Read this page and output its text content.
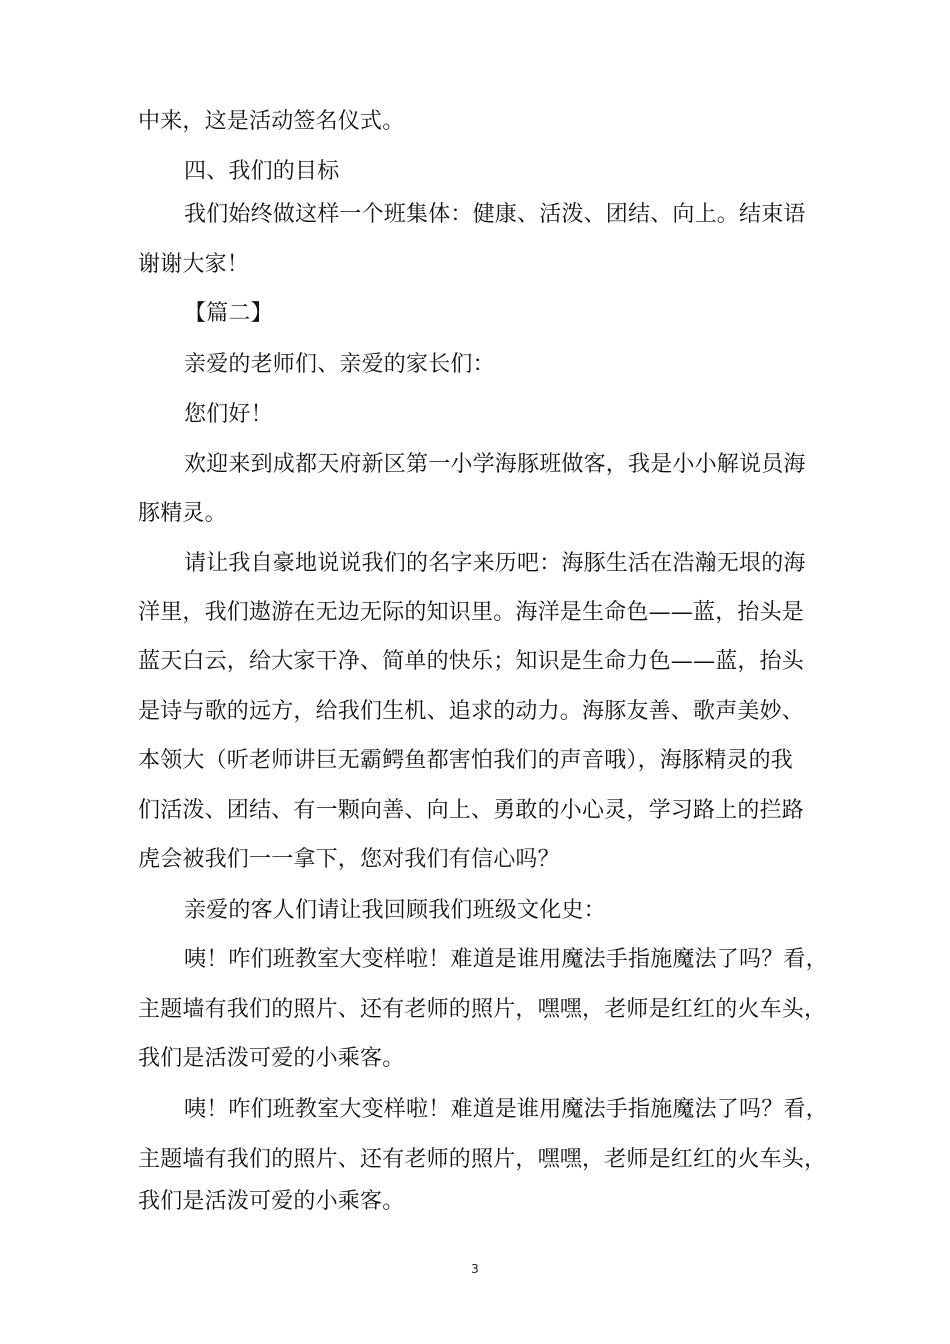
中来，这是活动签名仪式。
四、我们的目标
我们始终做这样一个班集体：健康、活泼、团结、向上。结束语
谢谢大家！
【篇二】
亲爱的老师们、亲爱的家长们：
您们好！
欢迎来到成都天府新区第一小学海豚班做客，我是小小解说员海
豚精灵。
请让我自豪地说说我们的名字来历吧：海豚生活在浩瀚无垠的海
洋里，我们遨游在无边无际的知识里。海洋是生命色——蓝，抬头是
蓝天白云，给大家干净、简单的快乐；知识是生命力色——蓝，抬头
是诗与歌的远方，给我们生机、追求的动力。海豚友善、歌声美妙、
本领大（听老师讲巨无霸鳄鱼都害怕我们的声音哦），海豚精灵的我
们活泼、团结、有一颗向善、向上、勇敢的小心灵，学习路上的拦路
虎会被我们一一拿下，您对我们有信心吗？
亲爱的客人们请让我回顾我们班级文化史：
咦！咋们班教室大变样啦！难道是谁用魔法手指施魔法了吗？看，
主题墙有我们的照片、还有老师的照片，嘿嘿，老师是红红的火车头，
我们是活泼可爱的小乘客。
咦！咋们班教室大变样啦！难道是谁用魔法手指施魔法了吗？看，
主题墙有我们的照片、还有老师的照片，嘿嘿，老师是红红的火车头，
我们是活泼可爱的小乘客。
3
